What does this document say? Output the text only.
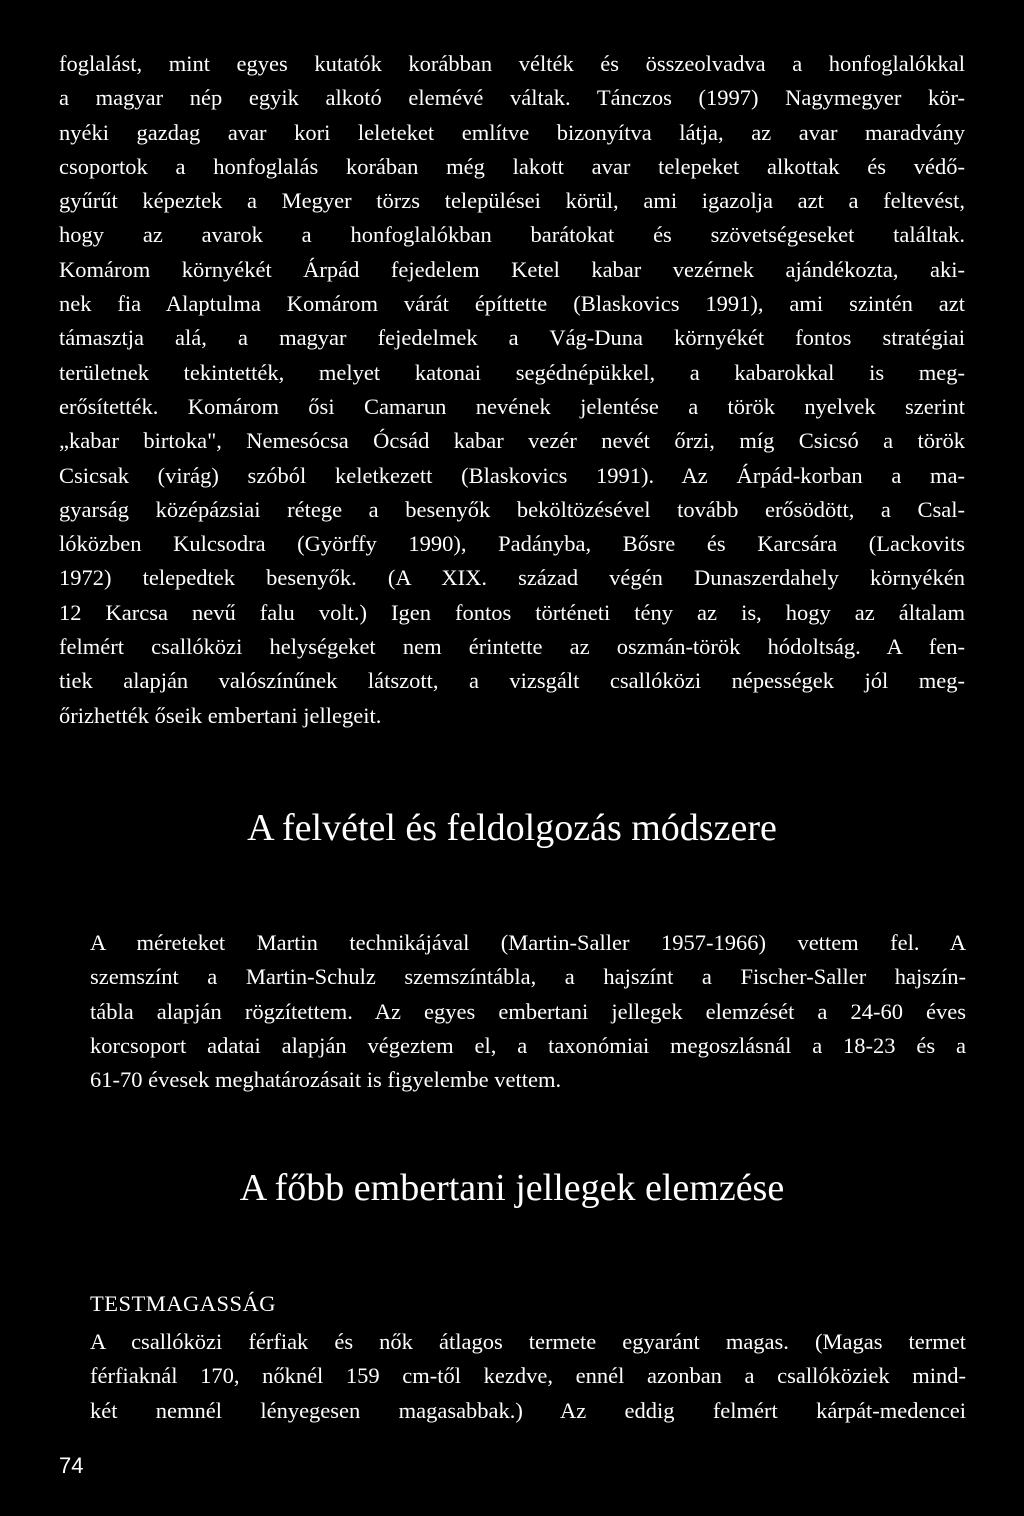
foglalást, mint egyes kutatók korábban vélték és összeolvadva a honfoglalókkal
a magyar nép egyik alkotó elemévé váltak. Tánczos (1997) Nagymegyer kör-
nyéki gazdag avar kori leleteket említve bizonyítva látja, az avar maradvány
csoportok a honfoglalás korában még lakott avar telepeket alkottak és védő-
gyűrűt képeztek a Megyer törzs települései körül, ami igazolja azt a feltevést,
hogy az avarok a honfoglalókban barátokat és szövetségeseket találtak.
Komárom környékét Árpád fejedelem Ketel kabar vezérnek ajándékozta, aki-
nek fia Alaptulma Komárom várát építtette (Blaskovics 1991), ami szintén azt
támasztja alá, a magyar fejedelmek a Vág-Duna környékét fontos stratégiai
területnek tekintették, melyet katonai segédnépükkel, a kabarokkal is meg-
erősítették. Komárom ősi Camarun nevének jelentése a török nyelvek szerint
„kabar birtoka", Nemesócsa Ócsád kabar vezér nevét őrzi, míg Csicsó a török
Csicsak (virág) szóból keletkezett (Blaskovics 1991). Az Árpád-korban a ma-
gyarság középázsiai rétege a besenyők beköltözésével tovább erősödött, a Csal-
lóközben Kulcsodra (Györffy 1990), Padányba, Bősre és Karcsára (Lackovits
1972) telepedtek besenyők. (A XIX. század végén Dunaszerdahely környékén
12 Karcsa nevű falu volt.) Igen fontos történeti tény az is, hogy az általam
felmért csallóközi helységeket nem érintette az oszmán-török hódoltság. A fen-
tiek alapján valószínűnek látszott, a vizsgált csallóközi népességek jól meg-
őrizhették őseik embertani jellegeit.

A felvétel és feldolgozás módszere

A méreteket Martin technikájával (Martin-Saller 1957-1966) vettem fel. A
szemszínt a Martin-Schulz szemszíntábla, a hajszínt a Fischer-Saller hajszín-
tábla alapján rögzítettem. Az egyes embertani jellegek elemzését a 24-60 éves
korcsoport adatai alapján végeztem el, a taxonómiai megoszlásnál a 18-23 és a
61-70 évesek meghatározásait is figyelembe vettem.

A főbb embertani jellegek elemzése
TESTMAGASSÁG

A csallóközi férfiak és nők átlagos termete egyaránt magas. (Magas termet
férfiaknál 170, nőknél 159 cm-től kezdve, ennél azonban a csallóköziek mind-
két nemnél lényegesen magasabbak.) Az eddig felmért kárpát-medencei

74
